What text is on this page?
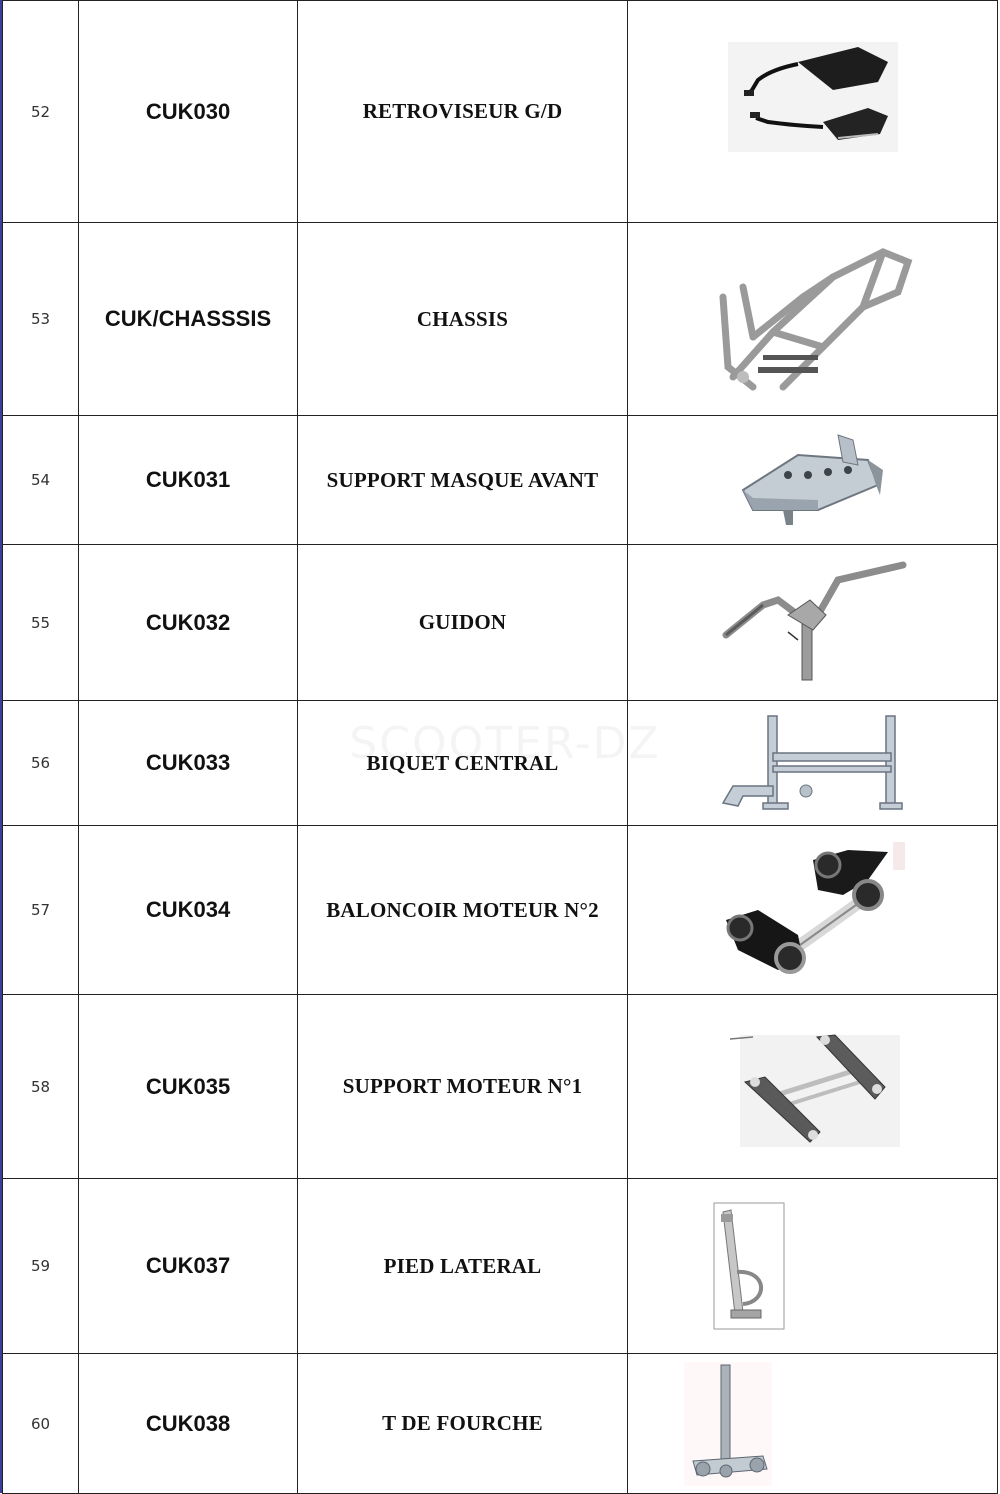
52	CUK030	RETROVISEUR G/D	

53	CUK/CHASSSIS	CHASSIS	

54	CUK031	SUPPORT MASQUE AVANT	

55	CUK032	GUIDON	

56	CUK033	BIQUET CENTRAL	

57	CUK034	BALONCOIR MOTEUR N°2	

58	CUK035	SUPPORT MOTEUR N°1	

59	CUK037	PIED LATERAL	

60	CUK038	T DE FOURCHE	
